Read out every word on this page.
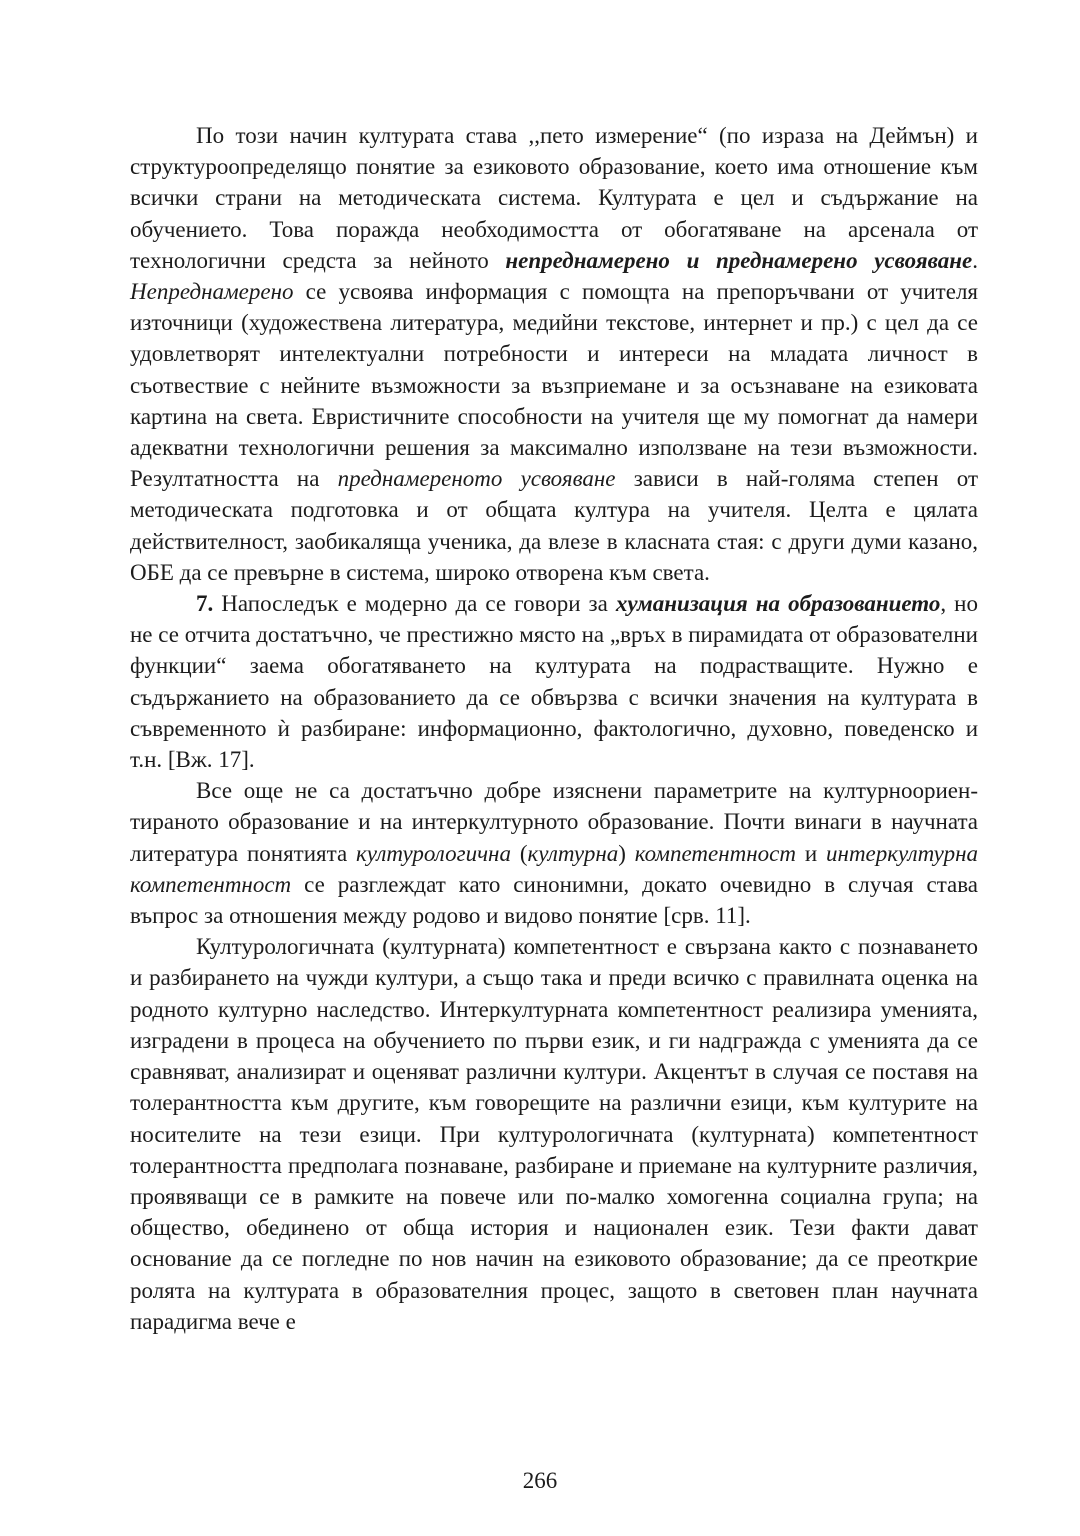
По този начин културата става ,,пето измерение“ (по израза на Деймън) и структуроопределящо понятие за езиковото образование, което има отношение към всички страни на методическата система. Културата е цел и съдържание на обучението. Това поражда необходимостта от обогатяване на арсенала от технологични средста за нейното непреднамерено и преднамерено усвояване. Непреднамерено се усвоява информация с помощта на препоръчвани от учителя източници (художествена литература, медийни текстове, интернет и пр.) с цел да се удовлетворят интелектуални потребности и интереси на младата личност в съотвествие с нейните възможности за възприемане и за осъзнаване на езиковата картина на света. Евристичните способности на учителя ще му помогнат да намери адекватни технологични решения за максимално използване на тези възможности. Резултатността на преднамереното усвояване зависи в най-голяма степен от методическата подготовка и от общата култура на учителя. Целта е цялата действителност, заобикаляща ученика, да влезе в класната стая: с други думи казано, ОБЕ да се превърне в система, широко отворена към света.

7. Напоследък е модерно да се говори за хуманизация на образованието, но не се отчита достатъчно, че престижно място на „връх в пирамидата от образователни функции“ заема обогатяването на културата на подрастващите. Нужно е съдържанието на образованието да се обвързва с всички значения на културата в съвременното ѝ разбиране: информационно, фактологично, духовно, поведенско и т.н. [Вж. 17].

Все още не са достатъчно добре изяснени параметрите на културноориентираното образование и на интеркултурното образование. Почти винаги в научната литература понятията културологична (културна) компетентност и интеркултурна компетентност се разглеждат като синонимни, докато очевидно в случая става въпрос за отношения между родово и видово понятие [срв. 11].

Културологичната (културната) компетентност е свързана както с познаването и разбирането на чужди култури, а също така и преди всичко с правилната оценка на родното културно наследство. Интеркултурната компетентност реализира уменията, изградени в процеса на обучението по първи език, и ги надгражда с уменията да се сравняват, анализират и оценяват различни култури. Акцентът в случая се поставя на толерантността към другите, към говорещите на различни езици, към културите на носителите на тези езици. При културологичната (културната) компетентност толерантността предполага познаване, разбиране и приемане на културните различия, проявяващи се в рамките на повече или по-малко хомогенна социална група; на общество, обединено от обща история и национален език. Тези факти дават основание да се погледне по нов начин на езиковото образование; да се преоткрие ролята на културата в образователния процес, защото в световен план научната парадигма вече е

266
